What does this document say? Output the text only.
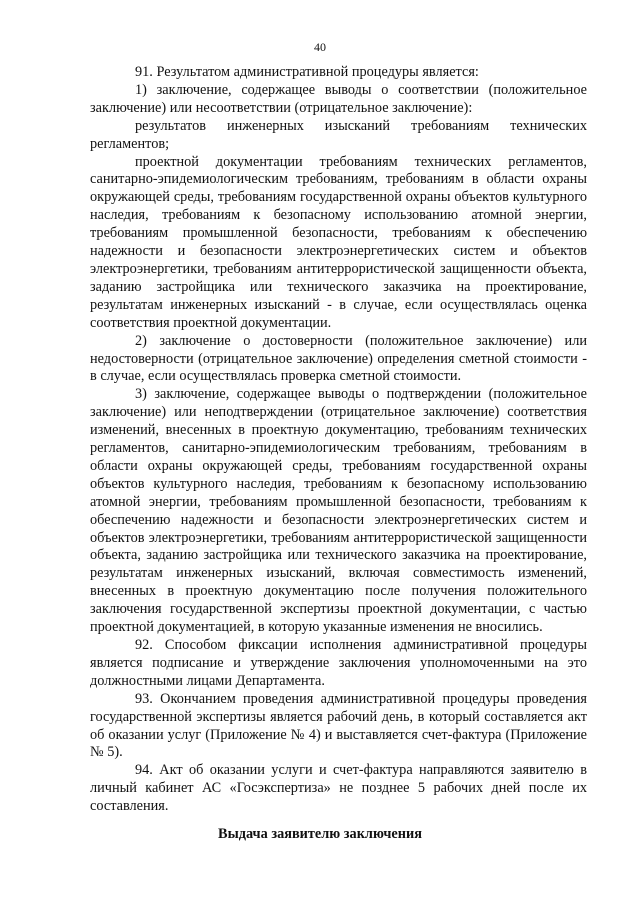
40

91. Результатом административной процедуры является:

1) заключение, содержащее выводы о соответствии (положительное заключение) или несоответствии (отрицательное заключение):

результатов инженерных изысканий требованиям технических регламентов;

проектной документации требованиям технических регламентов, санитарно-эпидемиологическим требованиям, требованиям в области охраны окружающей среды, требованиям государственной охраны объектов культурного наследия, требованиям к безопасному использованию атомной энергии, требованиям промышленной безопасности, требованиям к обеспечению надежности и безопасности электроэнергетических систем и объектов электроэнергетики, требованиям антитеррористической защищенности объекта, заданию застройщика или технического заказчика на проектирование, результатам инженерных изысканий - в случае, если осуществлялась оценка соответствия проектной документации.

2) заключение о достоверности (положительное заключение) или недостоверности (отрицательное заключение) определения сметной стоимости - в случае, если осуществлялась проверка сметной стоимости.

3) заключение, содержащее выводы о подтверждении (положительное заключение) или неподтверждении (отрицательное заключение) соответствия изменений, внесенных в проектную документацию, требованиям технических регламентов, санитарно-эпидемиологическим требованиям, требованиям в области охраны окружающей среды, требованиям государственной охраны объектов культурного наследия, требованиям к безопасному использованию атомной энергии, требованиям промышленной безопасности, требованиям к обеспечению надежности и безопасности электроэнергетических систем и объектов электроэнергетики, требованиям антитеррористической защищенности объекта, заданию застройщика или технического заказчика на проектирование, результатам инженерных изысканий, включая совместимость изменений, внесенных в проектную документацию после получения положительного заключения государственной экспертизы проектной документации, с частью проектной документацией, в которую указанные изменения не вносились.

92. Способом фиксации исполнения административной процедуры является подписание и утверждение заключения уполномоченными на это должностными лицами Департамента.

93. Окончанием проведения административной процедуры проведения государственной экспертизы является рабочий день, в который составляется акт об оказании услуг (Приложение № 4) и выставляется счет-фактура (Приложение № 5).

94. Акт об оказании услуги и счет-фактура направляются заявителю в личный кабинет АС «Госэкспертиза» не позднее 5 рабочих дней после их составления.

Выдача заявителю заключения
